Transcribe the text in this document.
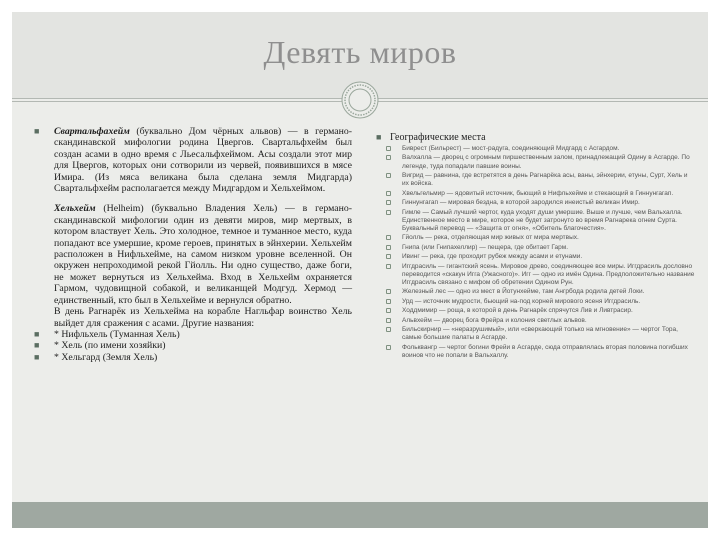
Девять миров
■ Свартальфахейм (буквально Дом чёрных альвов) — в германо-скандинавской мифологии родина Цвергов. Свартальфхейм был создан асами в одно время с Льесальфхеймом. Асы создали этот мир для Цвергов, которых они сотворили из червей, появившихся в мясе Имира. (Из мяса великана была сделана земля Мидгарда) Свартальфхейм располагается между Мидгардом и Хельхеймом.
Хельхейм (Helheim) (буквально Владения Хель) — в германо-скандинавской мифологии один из девяти миров, мир мертвых, в котором властвует Хель. Это холодное, темное и туманное место, куда попадают все умершие, кроме героев, принятых в эйнхерии. Хельхейм расположен в Нифльхейме, на самом низком уровне вселенной. Он окружен непроходимой рекой Гйолль. Ни одно существо, даже боги, не может вернуться из Хельхейма. Вход в Хельхейм охраняется Гармом, чудовищной собакой, и великанщей Модгуд. Хермод — единственный, кто был в Хельхейме и вернулся обратно.
В день Рагнарёк из Хельхейма на корабле Нагльфар воинство Хель выйдет для сражения с асами. Другие названия:
■ * Нифльхель (Туманная Хель)
■ * Хель (по имени хозяйки)
■ * Хельгард (Земля Хель)
■ Географические места
Биврест (Бильрест) — мост-радуга, соединяющий Мидгард с Асгардом.
Валхалла — дворец с огромным пиршественным залом, принадлежащий Одину в Асгарде. По легенде, туда попадали павшие воины.
Вигрид — равнина, где встретятся в день Рагнарёка асы, ваны, эйнхерии, етуны, Сурт, Хель и их войска.
Хвельгельмир — ядовитый источник, бьющий в Нифльхейме и стекающий в Гиннунгагап.
Гиннунгагап — мировая бездна, в которой зародился инеистый великан Имир.
Гимле — Самый лучший чертог, куда уходят души умершие. Выше и лучше, чем Вальхалла. Единственное место в мире, которое не будет затронуто во время Рагнарека огнем Сурта. Буквальный перевод — «Защита от огня», «Обитель благочестия».
Гйолль — река, отделяющая мир живых от мира мертвых.
Гнипа (или Гнипахеллир) — пещера, где обитает Гарм.
Ивинг — река, где проходит рубеж между асами и етунами.
Иггдрасиль — гигантский ясень. Мировое древо, соединяющее все миры. Иггдрасиль дословно переводится «скакун Игга (Ужасного)». Игг — одно из имён Одина. Предположительно название Иггдрасиль связано с мифом об обретении Одином Рун.
Железный лес — одно из мест в Йотунхейме, там Ангрбода родила детей Локи.
Урд — источник мудрости, бьющий на-под корней мирового ясеня Иггдрасиль.
Ходдмимир — роща, в которой в день Рагнарёк спрячутся Лив и Ливтрасир.
Альвхейм — дворец бога Фрейра и колония светлых альвов.
Бильскирнир — «неразрушимый», или «сверкающий только на мгновение» — чертог Тора, самые большие палаты в Асгарде.
Фольквангр — чертог богини Фрейи в Асгарде, сюда отправлялась вторая половина погибших воинов что не попали в Вальхаллу.
